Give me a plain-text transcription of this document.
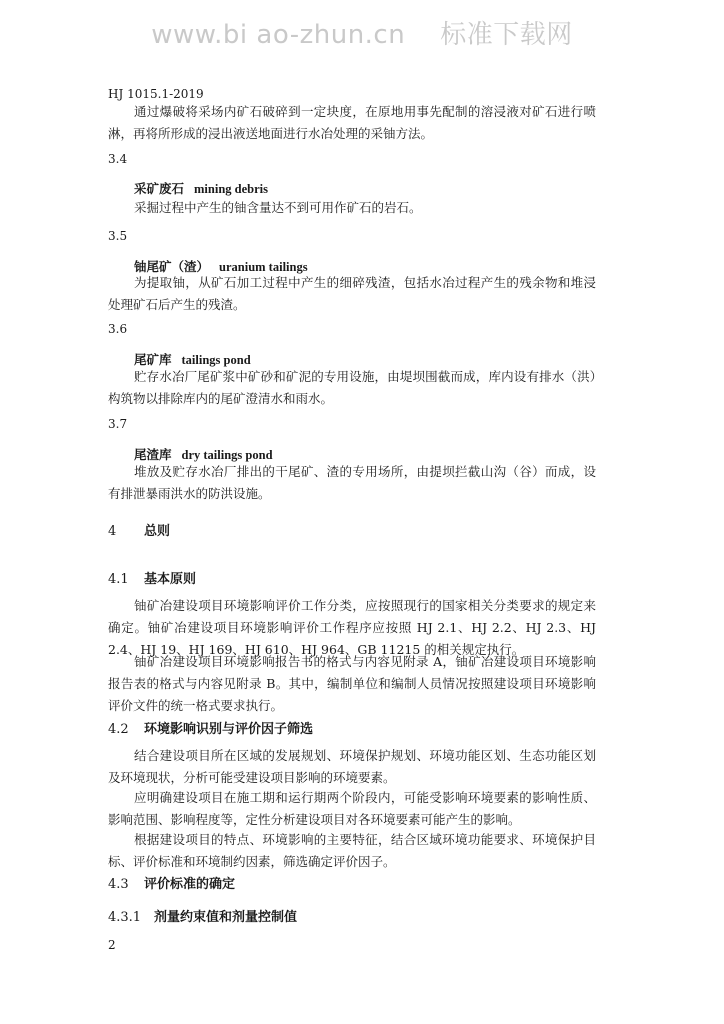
www.bi ao-zhun.cn    标准下载网
HJ 1015.1-2019

通过爆破将采场内矿石破碎到一定块度，在原地用事先配制的溶浸液对矿石进行喷淋，再将所形成的浸出液送地面进行水冶处理的采铀方法。

3.4
采矿废石 mining debris

采掘过程中产生的铀含量达不到可用作矿石的岩石。

3.5
铀尾矿（渣） uranium tailings

为提取铀，从矿石加工过程中产生的细碎残渣，包括水冶过程产生的残余物和堆浸处理矿石后产生的残渣。

3.6
尾矿库 tailings pond

贮存水冶厂尾矿浆中矿砂和矿泥的专用设施，由堤坝围截而成，库内设有排水（洪）构筑物以排除库内的尾矿澄清水和雨水。

3.7
尾渣库 dry tailings pond

堆放及贮存水冶厂排出的干尾矿、渣的专用场所，由提坝拦截山沟（谷）而成，设有排泄暴雨洪水的防洪设施。

4 总则
4.1 基本原则

铀矿冶建设项目环境影响评价工作分类，应按照现行的国家相关分类要求的规定来确定。铀矿冶建设项目环境影响评价工作程序应按照 HJ 2.1、HJ 2.2、HJ 2.3、HJ 2.4、HJ 19、HJ 169、HJ 610、HJ 964、GB 11215 的相关规定执行。

铀矿冶建设项目环境影响报告书的格式与内容见附录 A，铀矿冶建设项目环境影响报告表的格式与内容见附录 B。其中，编制单位和编制人员情况按照建设项目环境影响评价文件的统一格式要求执行。

4.2 环境影响识别与评价因子筛选

结合建设项目所在区域的发展规划、环境保护规划、环境功能区划、生态功能区划及环境现状，分析可能受建设项目影响的环境要素。

应明确建设项目在施工期和运行期两个阶段内，可能受影响环境要素的影响性质、影响范围、影响程度等，定性分析建设项目对各环境要素可能产生的影响。

根据建设项目的特点、环境影响的主要特征，结合区域环境功能要求、环境保护目标、评价标准和环境制约因素，筛选确定评价因子。

4.3 评价标准的确定
4.3.1 剂量约束值和剂量控制值
2
